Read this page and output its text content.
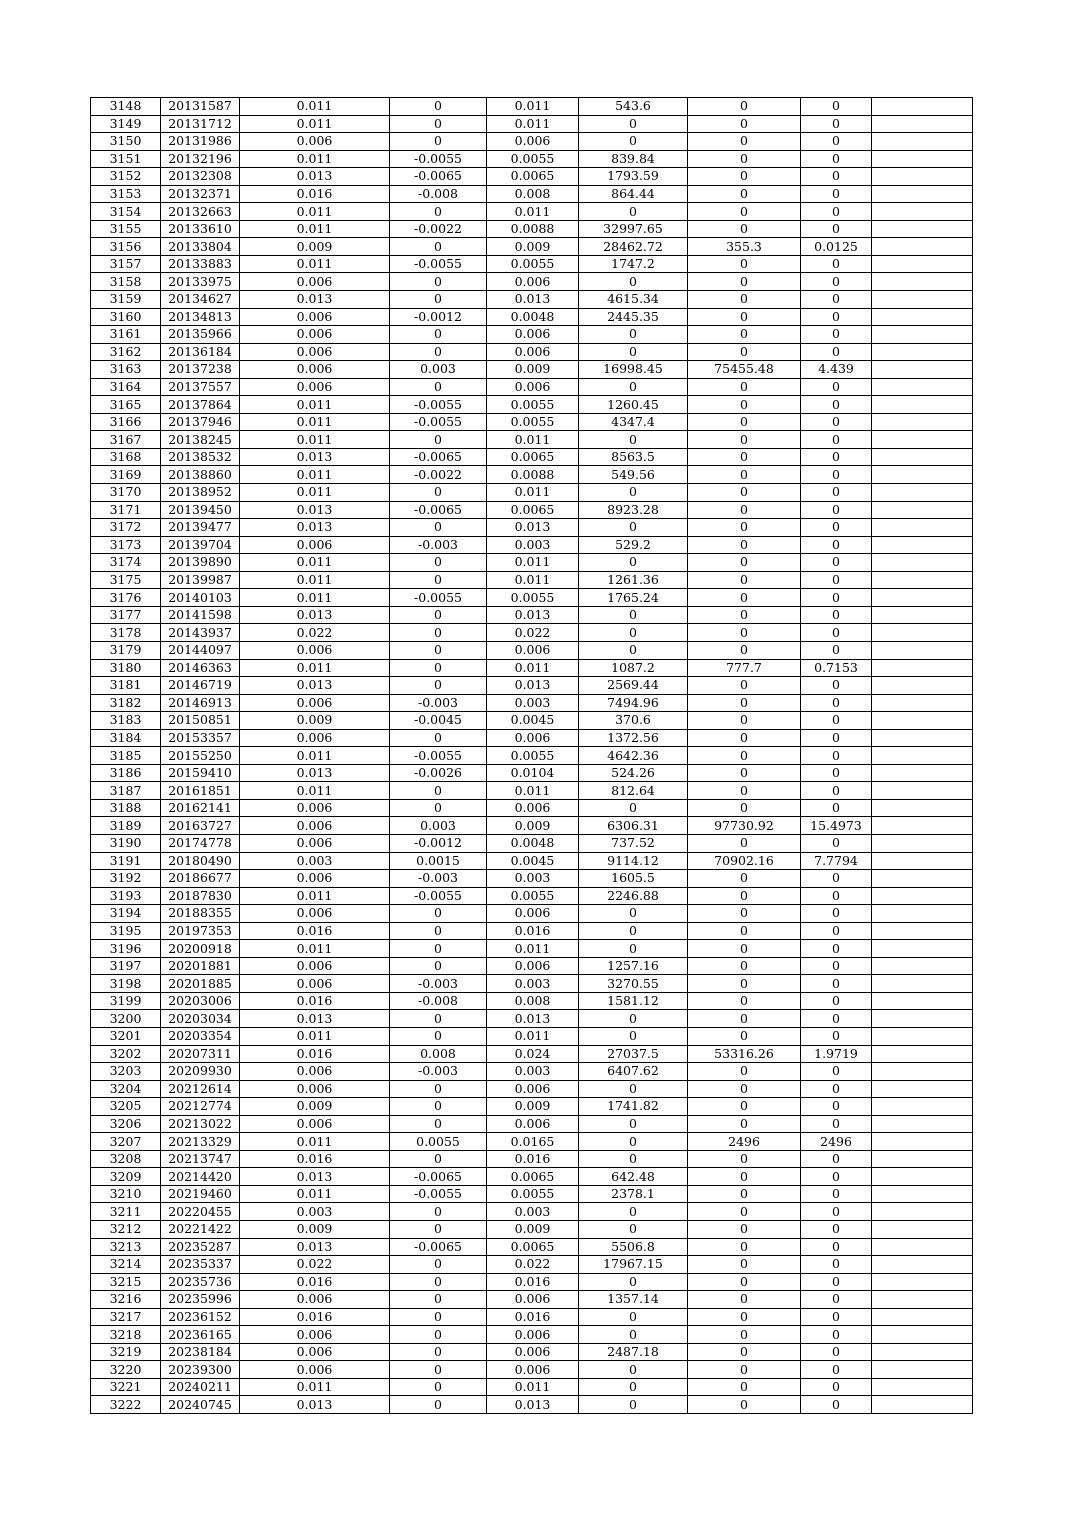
3148	20131587	0.011	0	0.011	543.6	0	0	
3149	20131712	0.011	0	0.011	0	0	0	
3150	20131986	0.006	0	0.006	0	0	0	
3151	20132196	0.011	-0.0055	0.0055	839.84	0	0	
3152	20132308	0.013	-0.0065	0.0065	1793.59	0	0	
3153	20132371	0.016	-0.008	0.008	864.44	0	0	
3154	20132663	0.011	0	0.011	0	0	0	
3155	20133610	0.011	-0.0022	0.0088	32997.65	0	0	
3156	20133804	0.009	0	0.009	28462.72	355.3	0.0125	
3157	20133883	0.011	-0.0055	0.0055	1747.2	0	0	
3158	20133975	0.006	0	0.006	0	0	0	
3159	20134627	0.013	0	0.013	4615.34	0	0	
3160	20134813	0.006	-0.0012	0.0048	2445.35	0	0	
3161	20135966	0.006	0	0.006	0	0	0	
3162	20136184	0.006	0	0.006	0	0	0	
3163	20137238	0.006	0.003	0.009	16998.45	75455.48	4.439	
3164	20137557	0.006	0	0.006	0	0	0	
3165	20137864	0.011	-0.0055	0.0055	1260.45	0	0	
3166	20137946	0.011	-0.0055	0.0055	4347.4	0	0	
3167	20138245	0.011	0	0.011	0	0	0	
3168	20138532	0.013	-0.0065	0.0065	8563.5	0	0	
3169	20138860	0.011	-0.0022	0.0088	549.56	0	0	
3170	20138952	0.011	0	0.011	0	0	0	
3171	20139450	0.013	-0.0065	0.0065	8923.28	0	0	
3172	20139477	0.013	0	0.013	0	0	0	
3173	20139704	0.006	-0.003	0.003	529.2	0	0	
3174	20139890	0.011	0	0.011	0	0	0	
3175	20139987	0.011	0	0.011	1261.36	0	0	
3176	20140103	0.011	-0.0055	0.0055	1765.24	0	0	
3177	20141598	0.013	0	0.013	0	0	0	
3178	20143937	0.022	0	0.022	0	0	0	
3179	20144097	0.006	0	0.006	0	0	0	
3180	20146363	0.011	0	0.011	1087.2	777.7	0.7153	
3181	20146719	0.013	0	0.013	2569.44	0	0	
3182	20146913	0.006	-0.003	0.003	7494.96	0	0	
3183	20150851	0.009	-0.0045	0.0045	370.6	0	0	
3184	20153357	0.006	0	0.006	1372.56	0	0	
3185	20155250	0.011	-0.0055	0.0055	4642.36	0	0	
3186	20159410	0.013	-0.0026	0.0104	524.26	0	0	
3187	20161851	0.011	0	0.011	812.64	0	0	
3188	20162141	0.006	0	0.006	0	0	0	
3189	20163727	0.006	0.003	0.009	6306.31	97730.92	15.4973	
3190	20174778	0.006	-0.0012	0.0048	737.52	0	0	
3191	20180490	0.003	0.0015	0.0045	9114.12	70902.16	7.7794	
3192	20186677	0.006	-0.003	0.003	1605.5	0	0	
3193	20187830	0.011	-0.0055	0.0055	2246.88	0	0	
3194	20188355	0.006	0	0.006	0	0	0	
3195	20197353	0.016	0	0.016	0	0	0	
3196	20200918	0.011	0	0.011	0	0	0	
3197	20201881	0.006	0	0.006	1257.16	0	0	
3198	20201885	0.006	-0.003	0.003	3270.55	0	0	
3199	20203006	0.016	-0.008	0.008	1581.12	0	0	
3200	20203034	0.013	0	0.013	0	0	0	
3201	20203354	0.011	0	0.011	0	0	0	
3202	20207311	0.016	0.008	0.024	27037.5	53316.26	1.9719	
3203	20209930	0.006	-0.003	0.003	6407.62	0	0	
3204	20212614	0.006	0	0.006	0	0	0	
3205	20212774	0.009	0	0.009	1741.82	0	0	
3206	20213022	0.006	0	0.006	0	0	0	
3207	20213329	0.011	0.0055	0.0165	0	2496	2496	
3208	20213747	0.016	0	0.016	0	0	0	
3209	20214420	0.013	-0.0065	0.0065	642.48	0	0	
3210	20219460	0.011	-0.0055	0.0055	2378.1	0	0	
3211	20220455	0.003	0	0.003	0	0	0	
3212	20221422	0.009	0	0.009	0	0	0	
3213	20235287	0.013	-0.0065	0.0065	5506.8	0	0	
3214	20235337	0.022	0	0.022	17967.15	0	0	
3215	20235736	0.016	0	0.016	0	0	0	
3216	20235996	0.006	0	0.006	1357.14	0	0	
3217	20236152	0.016	0	0.016	0	0	0	
3218	20236165	0.006	0	0.006	0	0	0	
3219	20238184	0.006	0	0.006	2487.18	0	0	
3220	20239300	0.006	0	0.006	0	0	0	
3221	20240211	0.011	0	0.011	0	0	0	
3222	20240745	0.013	0	0.013	0	0	0	
